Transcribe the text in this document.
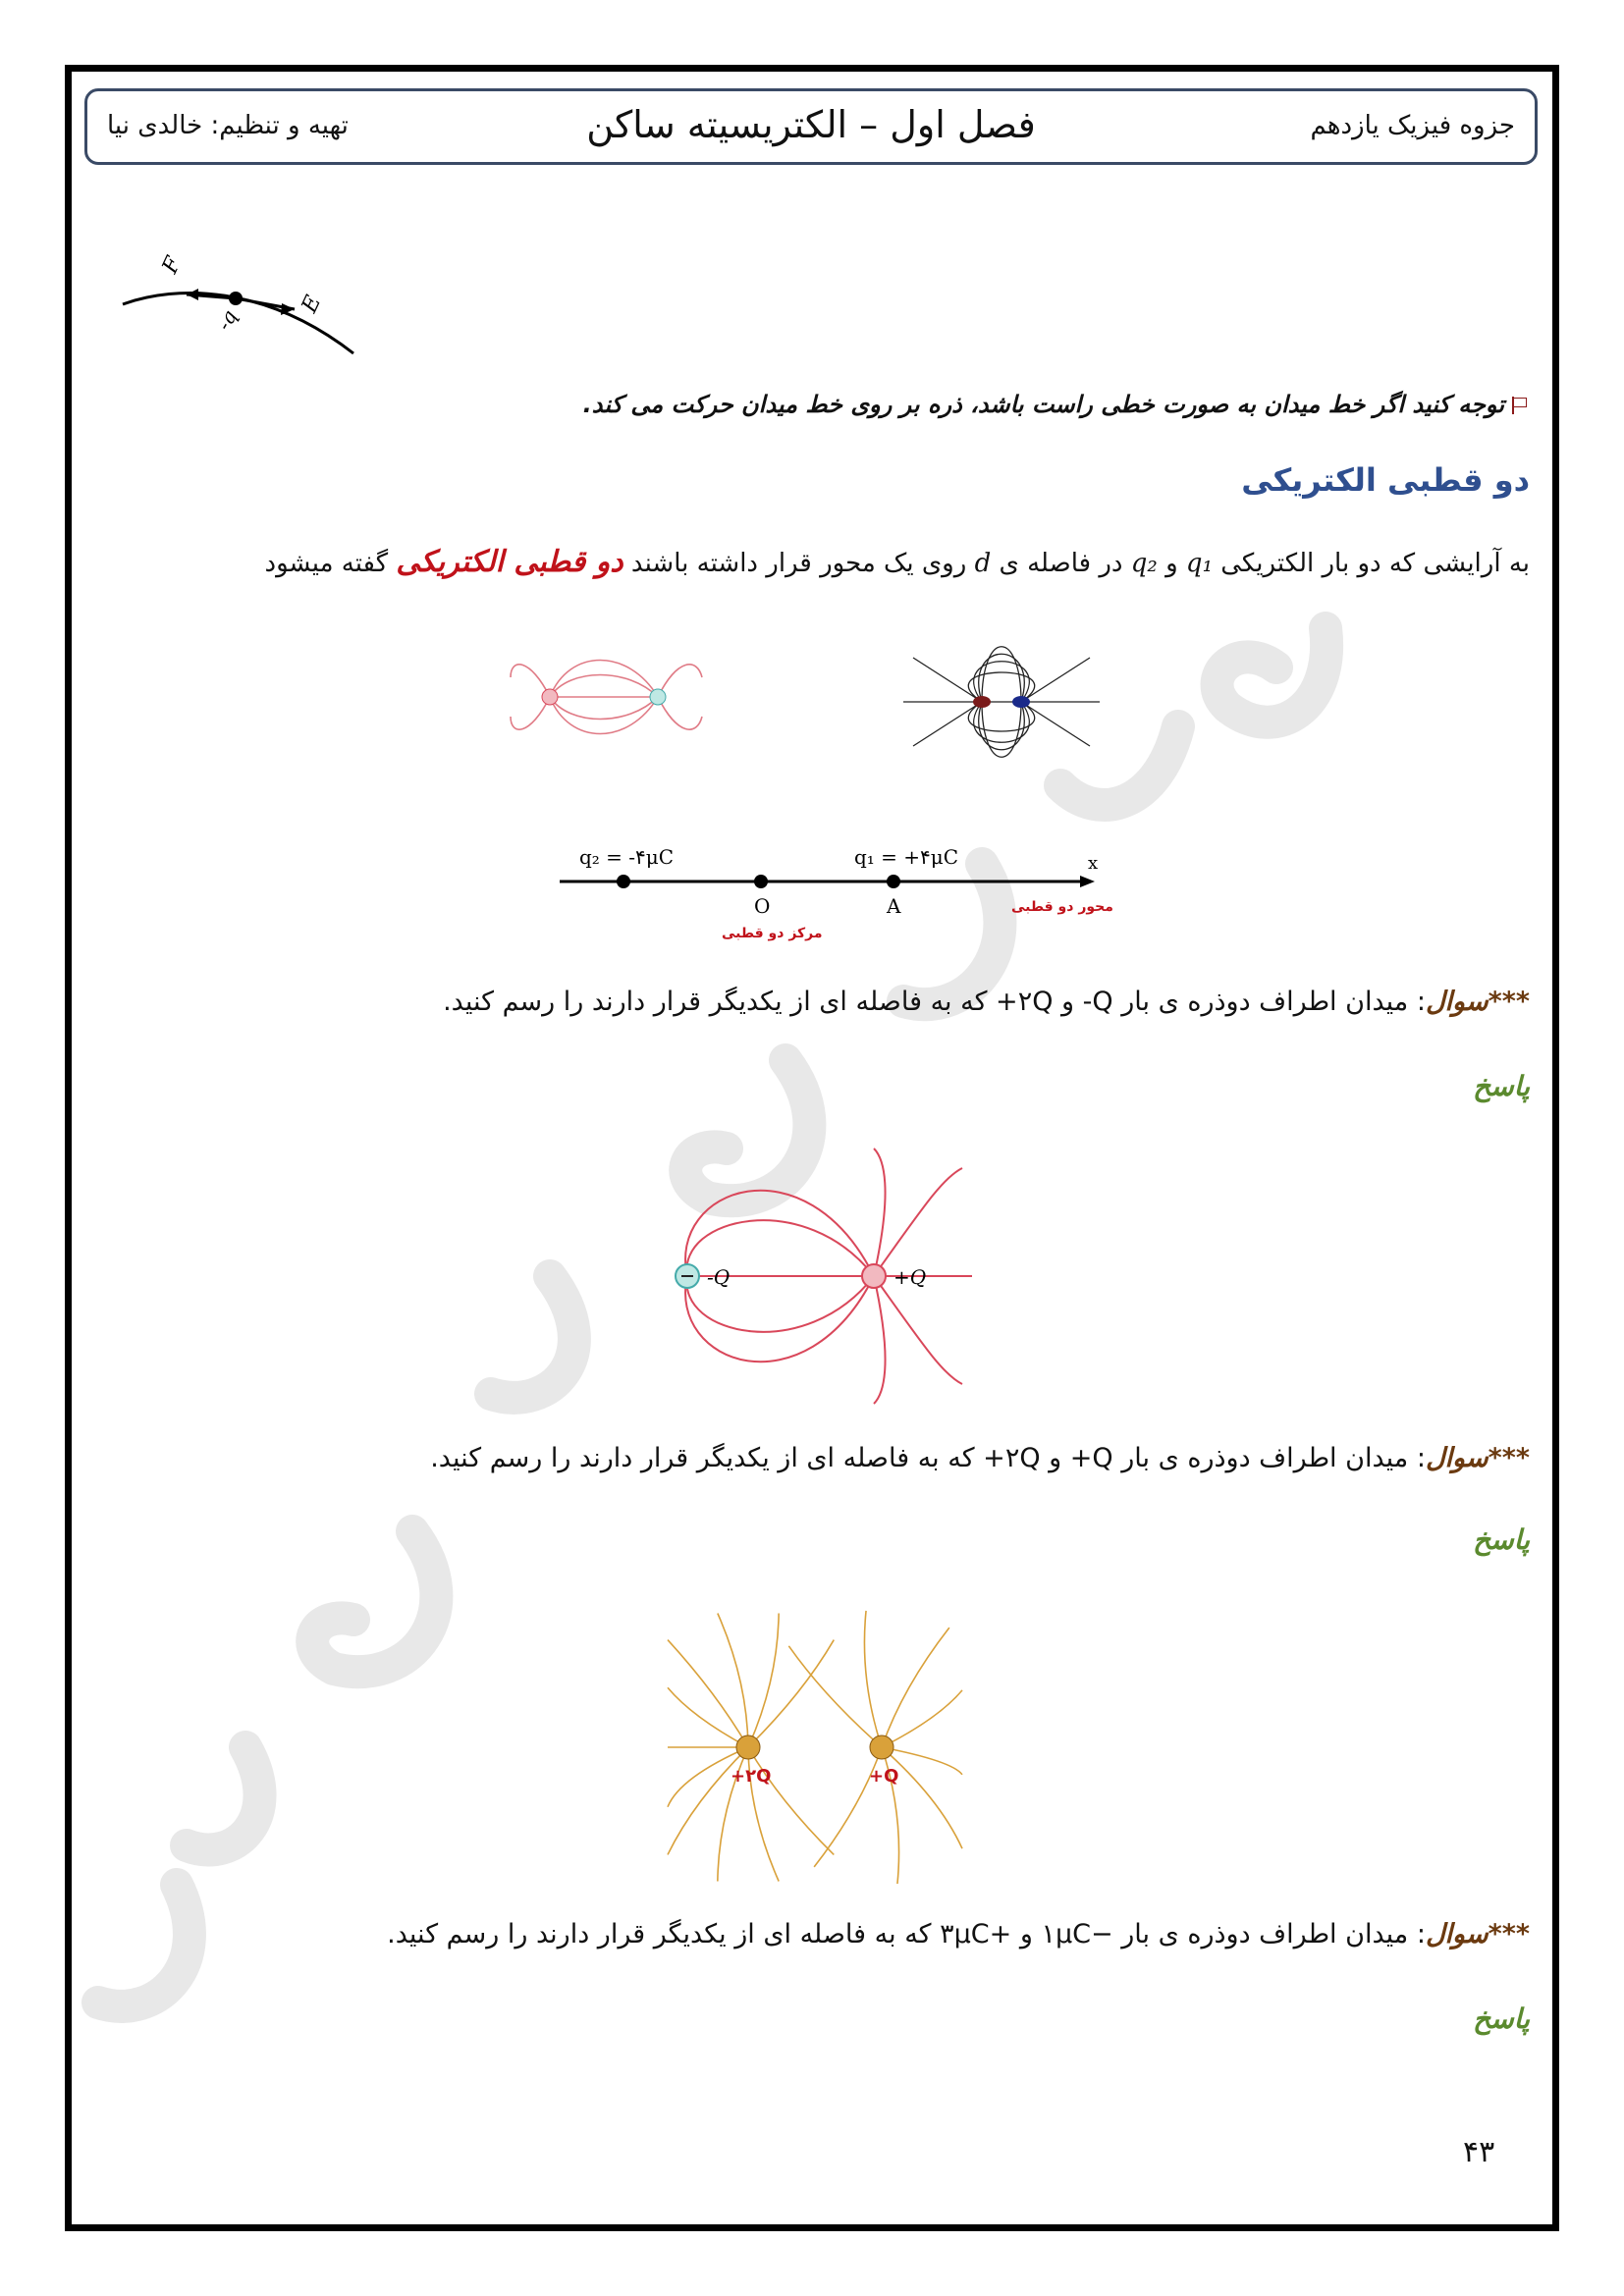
جزوه فیزیک یازدهم
فصل اول – الکتریسیته ساکن
تهیه و تنظیم: خالدی نیا
F
E
-q
توجه کنید اگر خط میدان به صورت خطی راست باشد، ذره بر روی خط میدان حرکت می کند.
دو قطبی الکتریکی
به آرایشی که دو بار الکتریکی q₁ و q₂ در فاصله ی d روی یک محور قرار داشته باشند دو قطبی الکتریکی گفته میشود
q₂ = -۴μC	q₁ = +۴μC
O	A
x
مرکز دو قطبی
محور دو قطبی
***سوال: میدان اطراف دوذره ی بار Q- و ۲Q+ که به فاصله ای از یکدیگر قرار دارند را رسم کنید.
پاسخ
-Q	+Q
***سوال: میدان اطراف دوذره ی بار Q+ و ۲Q+ که به فاصله ای از یکدیگر قرار دارند را رسم کنید.
پاسخ
+۲Q	+Q
***سوال: میدان اطراف دوذره ی بار −۱μC و +۳μC که به فاصله ای از یکدیگر قرار دارند را رسم کنید.
پاسخ
۴۳
